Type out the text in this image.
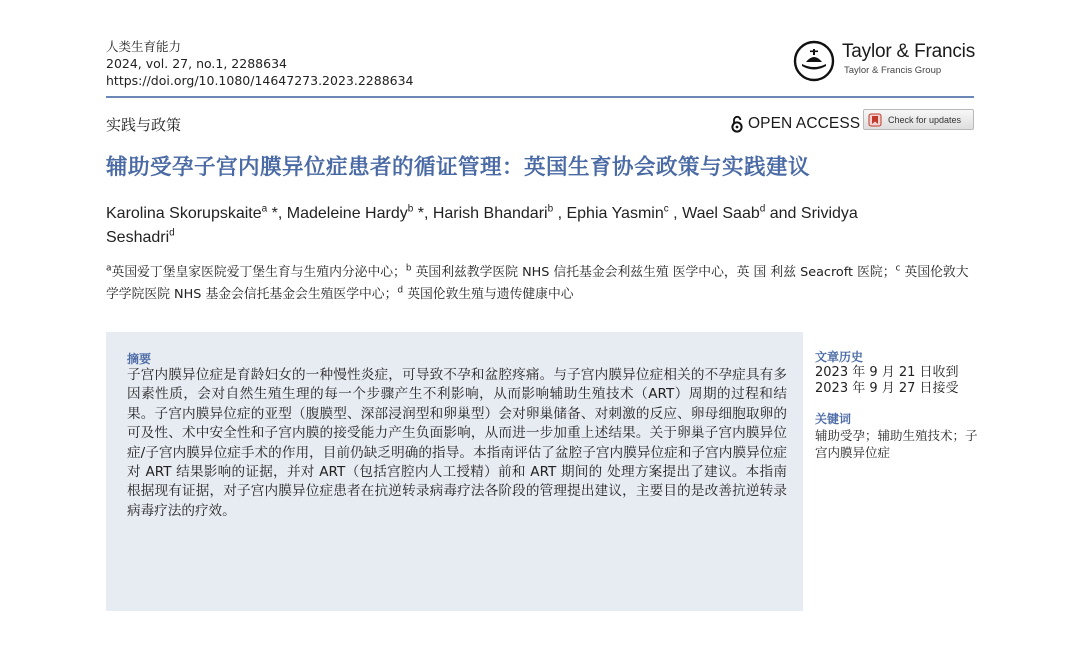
人类生育能力
2024, vol. 27, no.1, 2288634
https://doi.org/10.1080/14647273.2023.2288634
Taylor & Francis
Taylor & Francis Group
实践与政策	OPEN ACCESS	Check for updates
辅助受孕子宫内膜异位症患者的循证管理：英国生育协会政策与实践建议
Karolina Skorupskaite$^a$ *, Madeleine Hardy$^b$ *, Harish Bhandari$^b$ , Ephia Yasmin$^c$ , Wael Saab$^d$ and Srividya Seshadri$^d$
$^a$英国爱丁堡皇家医院爱丁堡生育与生殖内分泌中心；$^b$ 英国利兹教学医院 NHS 信托基金会利兹生殖 医学中心，英 国 利兹 Seacroft 医院；$^c$ 英国伦敦大学学院医院 NHS 基金会信托基金会生殖医学中心；$^d$ 英国伦敦生殖与遗传健康中心
摘要
子宫内膜异位症是育龄妇女的一种慢性炎症，可导致不孕和盆腔疼痛。与子宫内膜异位症相关的不孕症具有多因素性质，会对自然生殖生理的每一个步骤产生不利影响，从而影响辅助生殖技术（ART）周期的过程和结果。子宫内膜异位症的亚型（腹膜型、深部浸润型和卵巢型）会对卵巢储备、对刺激的反应、卵母细胞取卵的可及性、术中安全性和子宫内膜的接受能力产生负面影响，从而进一步加重上述结果。关于卵巢子宫内膜异位症/子宫内膜异位症手术的作用，目前仍缺乏明确的指导。本指南评估了盆腔子宫内膜异位症和子宫内膜异位症对 ART 结果影响的证据，并对 ART（包括宫腔内人工授精）前和 ART 期间的 处理方案提出了建议。本指南根据现有证据，对子宫内膜异位症患者在抗逆转录病毒疗法各阶段的管理提出建议，主要目的是改善抗逆转录病毒疗法的疗效。
文章历史
2023 年 9 月 21 日收到
2023 年 9 月 27 日接受
关键词
辅助受孕；辅助生殖技术；子宫内膜异位症
